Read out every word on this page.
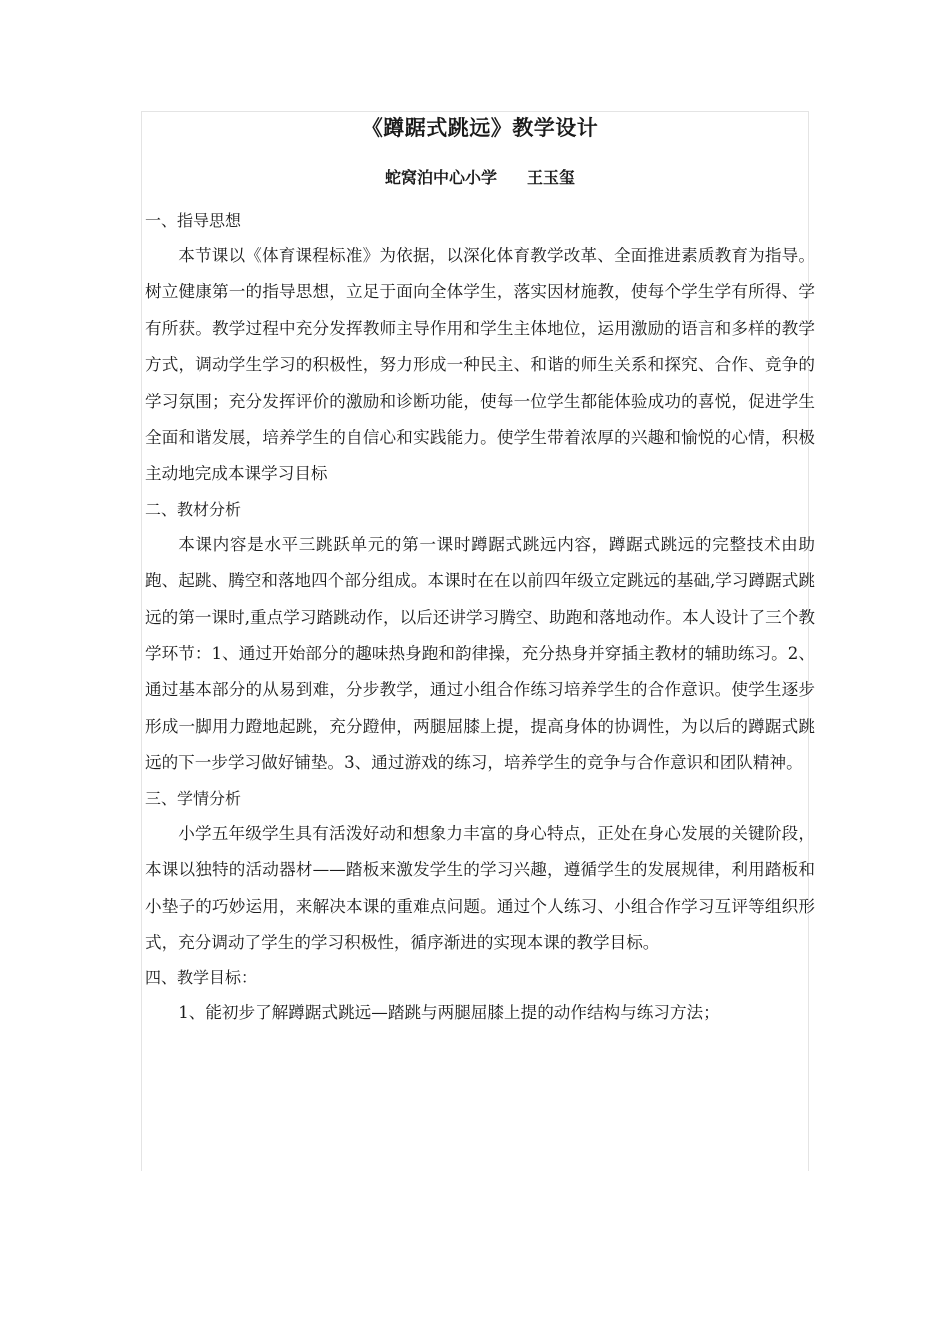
《蹲踞式跳远》教学设计
蛇窝泊中心小学 王玉玺

一、指导思想

本节课以《体育课程标准》为依据，以深化体育教学改革、全面推进素质教育为指导。树立健康第一的指导思想，立足于面向全体学生，落实因材施教，使每个学生学有所得、学有所获。教学过程中充分发挥教师主导作用和学生主体地位，运用激励的语言和多样的教学方式，调动学生学习的积极性，努力形成一种民主、和谐的师生关系和探究、合作、竞争的学习氛围；充分发挥评价的激励和诊断功能，使每一位学生都能体验成功的喜悦，促进学生全面和谐发展，培养学生的自信心和实践能力。使学生带着浓厚的兴趣和愉悦的心情，积极主动地完成本课学习目标

二、教材分析

本课内容是水平三跳跃单元的第一课时蹲踞式跳远内容，蹲踞式跳远的完整技术由助跑、起跳、腾空和落地四个部分组成。本课时在在以前四年级立定跳远的基础,学习蹲踞式跳远的第一课时,重点学习踏跳动作，以后还讲学习腾空、助跑和落地动作。本人设计了三个教学环节：1、通过开始部分的趣味热身跑和韵律操，充分热身并穿插主教材的辅助练习。2、通过基本部分的从易到难，分步教学，通过小组合作练习培养学生的合作意识。使学生逐步形成一脚用力蹬地起跳，充分蹬伸，两腿屈膝上提，提高身体的协调性，为以后的蹲踞式跳远的下一步学习做好铺垫。3、通过游戏的练习，培养学生的竞争与合作意识和团队精神。

三、学情分析

小学五年级学生具有活泼好动和想象力丰富的身心特点，正处在身心发展的关键阶段，本课以独特的活动器材——踏板来激发学生的学习兴趣，遵循学生的发展规律，利用踏板和小垫子的巧妙运用，来解决本课的重难点问题。通过个人练习、小组合作学习互评等组织形式，充分调动了学生的学习积极性，循序渐进的实现本课的教学目标。

四、教学目标：

1、能初步了解蹲踞式跳远—踏跳与两腿屈膝上提的动作结构与练习方法；
